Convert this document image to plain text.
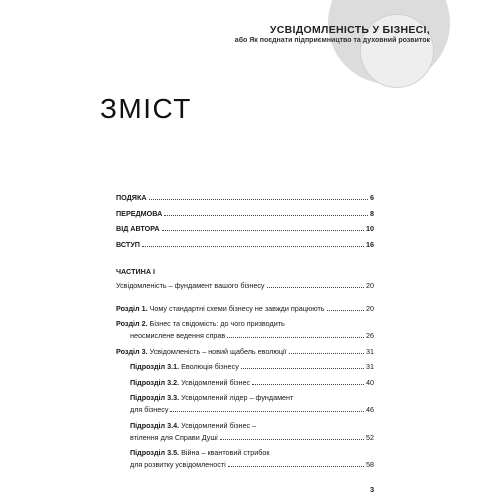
УСВІДОМЛЕНІСТЬ У БІЗНЕСІ,
або Як поєднати підприємництво та духовний розвиток
ЗМІСТ
ПОДЯКА	6
ПЕРЕДМОВА	8
ВІД АВТОРА	10
ВСТУП	16
ЧАСТИНА І
Усвідомленість – фундамент вашого бізнесу	20
Розділ 1. Чому стандартні схеми бізнесу не завжди працюють	20
Розділ 2. Бізнес та свідомість: до чого призводить
неосмислене ведення справ	26
Розділ 3. Усвідомленість – новий щабель еволюції	31
Підрозділ 3.1. Еволюція бізнесу	31
Підрозділ 3.2. Усвідомлений бізнес	40
Підрозділ 3.3. Усвідомлений лідер – фундамент
для бізнесу	46
Підрозділ 3.4. Усвідомлений бізнес –
втілення для Справи Душі	52
Підрозділ 3.5. Війна – квантовий стрибок
для розвитку усвідомленості	58
3
